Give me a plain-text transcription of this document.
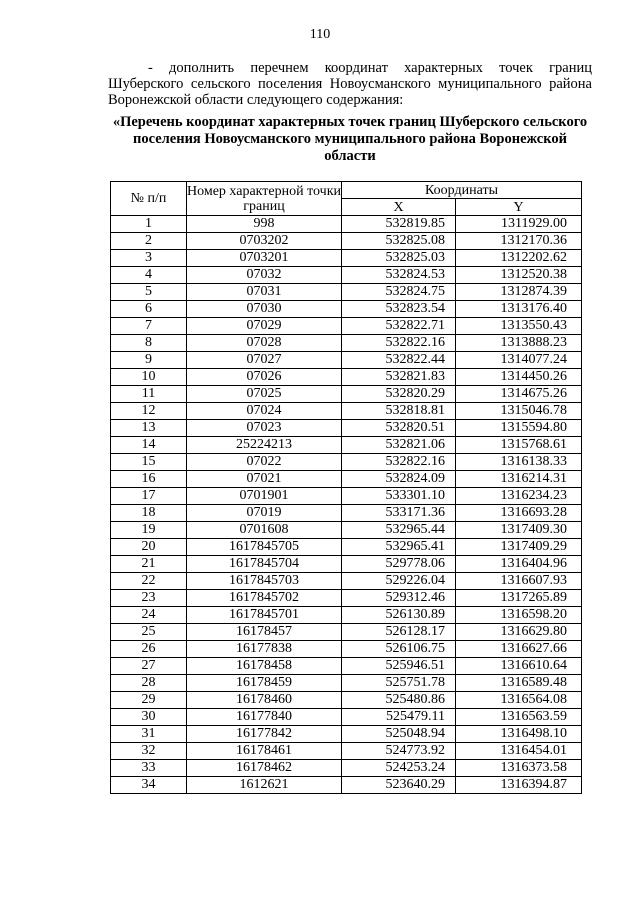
110
- дополнить перечнем координат характерных точек границ Шуберского сельского поселения Новоусманского муниципального района Воронежской области следующего содержания:
«Перечень координат характерных точек границ Шуберского сельского поселения Новоусманского муниципального района Воронежской области
№ п/п	Номер характерной точки границ	Координаты	
		X	Y
1	998	532819.85	1311929.00
2	0703202	532825.08	1312170.36
3	0703201	532825.03	1312202.62
4	07032	532824.53	1312520.38
5	07031	532824.75	1312874.39
6	07030	532823.54	1313176.40
7	07029	532822.71	1313550.43
8	07028	532822.16	1313888.23
9	07027	532822.44	1314077.24
10	07026	532821.83	1314450.26
11	07025	532820.29	1314675.26
12	07024	532818.81	1315046.78
13	07023	532820.51	1315594.80
14	25224213	532821.06	1315768.61
15	07022	532822.16	1316138.33
16	07021	532824.09	1316214.31
17	0701901	533301.10	1316234.23
18	07019	533171.36	1316693.28
19	0701608	532965.44	1317409.30
20	1617845705	532965.41	1317409.29
21	1617845704	529778.06	1316404.96
22	1617845703	529226.04	1316607.93
23	1617845702	529312.46	1317265.89
24	1617845701	526130.89	1316598.20
25	16178457	526128.17	1316629.80
26	16177838	526106.75	1316627.66
27	16178458	525946.51	1316610.64
28	16178459	525751.78	1316589.48
29	16178460	525480.86	1316564.08
30	16177840	525479.11	1316563.59
31	16177842	525048.94	1316498.10
32	16178461	524773.92	1316454.01
33	16178462	524253.24	1316373.58
34	1612621	523640.29	1316394.87
